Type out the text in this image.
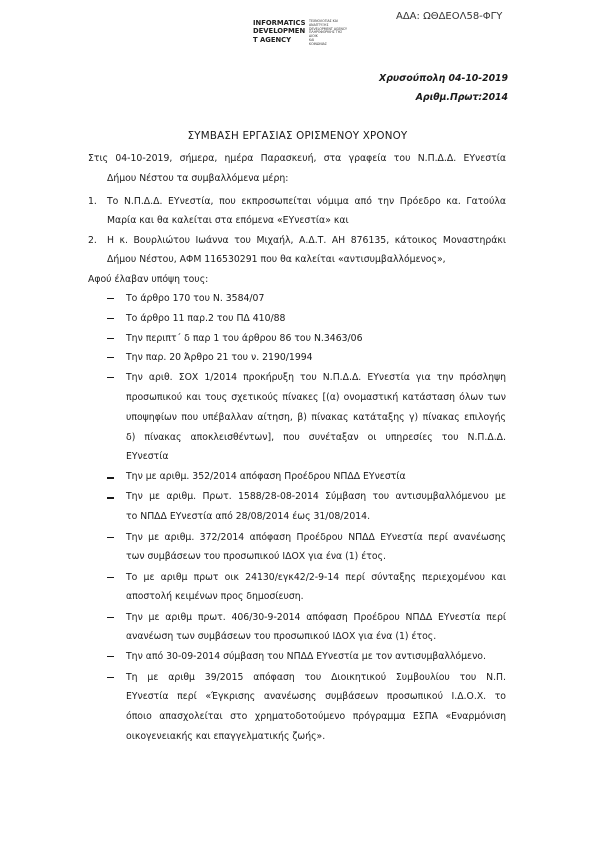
ΑΔΑ: ΩΘΔΕΟΛ58-ΦΓΥ
INFORMATICS
DEVELOPMEN
T AGENCY
ΤΕΧΝΟΛΟΓΙΑΣ ΚΑΙ
ΑΝΑΠΤΥΞΗΣ
DEVELOPMENT AGENCY
ΠΛΗΡΟΦΟΡΙΚΗΣ ΤΗΣ
ΔΙΟΙΚ
ΚΑΙ
ΚΟΙΝΩΝΙΑΣ
Χρυσούπολη 04-10-2019
Αριθμ.Πρωτ:2014
ΣΥΜΒΑΣΗ ΕΡΓΑΣΙΑΣ ΟΡΙΣΜΕΝΟΥ ΧΡΟΝΟΥ
Στις 04-10-2019, σήμερα, ημέρα Παρασκευή, στα γραφεία του Ν.Π.Δ.Δ. ΕΥνεστία
Δήμου Νέστου τα συμβαλλόμενα μέρη:
1. Το Ν.Π.Δ.Δ. ΕΥνεστία, που εκπροσωπείται νόμιμα από την Πρόεδρο κα. Γατούλα
Μαρία και θα καλείται στα επόμενα «ΕΥνεστία» και
2. Η κ. Βουρλιώτου Ιωάννα του Μιχαήλ, Α.Δ.Τ. ΑΗ 876135, κάτοικος Μοναστηράκι
Δήμου Νέστου, ΑΦΜ 116530291 που θα καλείται «αντισυμβαλλόμενος»,
Αφού έλαβαν υπόψη τους:
Το άρθρο 170 του Ν. 3584/07
Το άρθρο 11 παρ.2 του ΠΔ 410/88
Την περιπτ΄ δ παρ 1 του άρθρου 86 του Ν.3463/06
Την παρ. 20 Άρθρο 21 του ν. 2190/1994
Την αριθ. ΣΟΧ 1/2014 προκήρυξη του Ν.Π.Δ.Δ. ΕΥνεστία για την πρόσληψη
προσωπικού και τους σχετικούς πίνακες [(α) ονομαστική κατάσταση όλων των
υποψηφίων που υπέβαλλαν αίτηση, β) πίνακας κατάταξης γ) πίνακας επιλογής
δ) πίνακας αποκλεισθέντων], που συνέταξαν οι υπηρεσίες του Ν.Π.Δ.Δ.
ΕΥνεστία
Την με αριθμ. 352/2014 απόφαση Προέδρου ΝΠΔΔ ΕΥνεστία
Την με αριθμ. Πρωτ. 1588/28-08-2014 Σύμβαση του αντισυμβαλλόμενου με
το ΝΠΔΔ ΕΥνεστία από 28/08/2014 έως 31/08/2014.
Την με αριθμ. 372/2014 απόφαση Προέδρου ΝΠΔΔ ΕΥνεστία περί ανανέωσης
των συμβάσεων του προσωπικού ΙΔΟΧ για ένα (1) έτος.
Το με αριθμ πρωτ οικ 24130/εγκ42/2-9-14 περί σύνταξης περιεχομένου και
αποστολή κειμένων προς δημοσίευση.
Την με αριθμ πρωτ. 406/30-9-2014 απόφαση Προέδρου ΝΠΔΔ ΕΥνεστία περί
ανανέωση των συμβάσεων του προσωπικού ΙΔΟΧ για ένα (1) έτος.
Την από 30-09-2014 σύμβαση του ΝΠΔΔ ΕΥνεστία με τον αντισυμβαλλόμενο.
Τη με αριθμ 39/2015 απόφαση του Διοικητικού Συμβουλίου του Ν.Π.
ΕΥνεστία περί «Έγκρισης ανανέωσης συμβάσεων προσωπικού Ι.Δ.Ο.Χ. το
όποιο απασχολείται στο χρηματοδοτούμενο πρόγραμμα ΕΣΠΑ «Εναρμόνιση
οικογενειακής και επαγγελματικής ζωής».
